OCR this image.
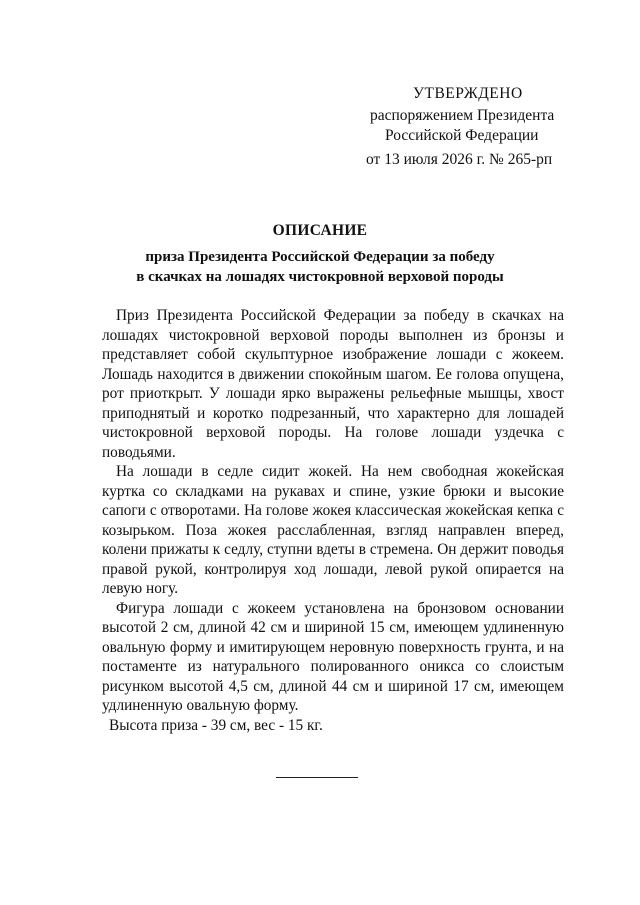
УТВЕРЖДЕНО
распоряжением Президента
Российской Федерации
от 13 июля 2026 г. № 265-рп
ОПИСАНИЕ
приза Президента Российской Федерации за победу
в скачках на лошадях чистокровной верховой породы

Приз Президента Российской Федерации за победу в скачках на лошадях чистокровной верховой породы выполнен из бронзы и представляет собой скульптурное изображение лошади с жокеем. Лошадь находится в движении спокойным шагом. Ее голова опущена, рот приоткрыт. У лошади ярко выражены рельефные мышцы, хвост приподнятый и коротко подрезанный, что характерно для лошадей чистокровной верховой породы. На голове лошади уздечка с поводьями.

На лошади в седле сидит жокей. На нем свободная жокейская куртка со складками на рукавах и спине, узкие брюки и высокие сапоги с отворотами. На голове жокея классическая жокейская кепка с козырьком. Поза жокея расслабленная, взгляд направлен вперед, колени прижаты к седлу, ступни вдеты в стремена. Он держит поводья правой рукой, контролируя ход лошади, левой рукой опирается на левую ногу.

Фигура лошади с жокеем установлена на бронзовом основании высотой 2 см, длиной 42 см и шириной 15 см, имеющем удлиненную овальную форму и имитирующем неровную поверхность грунта, и на постаменте из натурального полированного оникса со слоистым рисунком высотой 4,5 см, длиной 44 см и шириной 17 см, имеющем удлиненную овальную форму.

Высота приза - 39 см, вес - 15 кг.
